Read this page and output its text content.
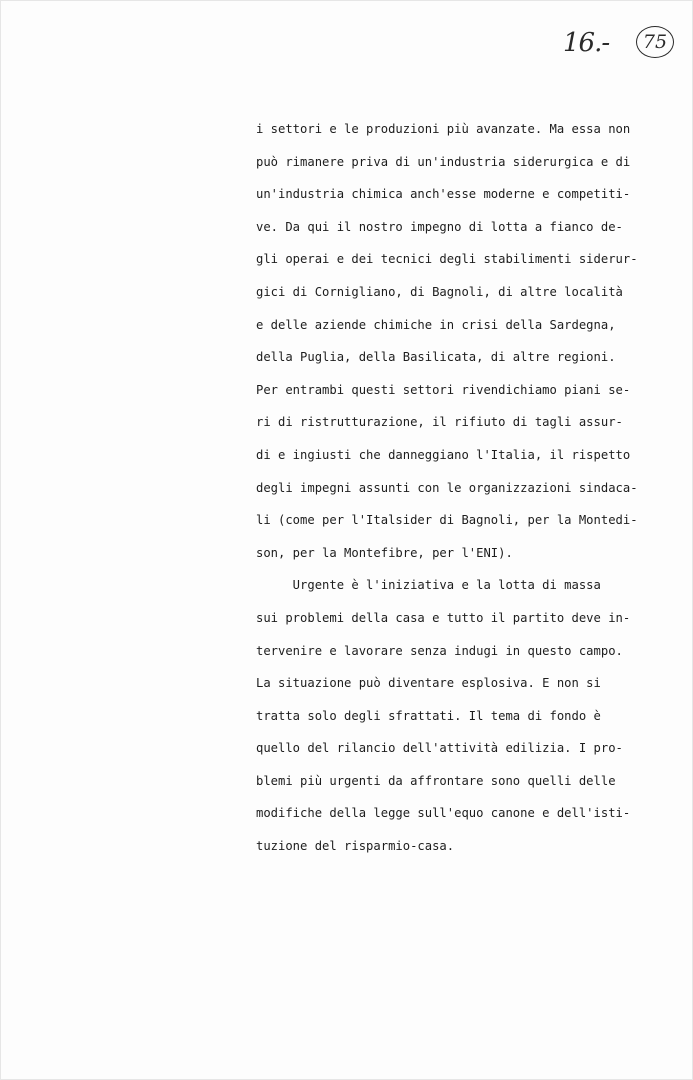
16.-	75
i settori e le produzioni più avanzate. Ma essa non
può rimanere priva di un'industria siderurgica e di
un'industria chimica anch'esse moderne e competiti-
ve. Da qui il nostro impegno di lotta a fianco de-
gli operai e dei tecnici degli stabilimenti siderur-
gici di Cornigliano, di Bagnoli, di altre località
e delle aziende chimiche in crisi della Sardegna,
della Puglia, della Basilicata, di altre regioni.
Per entrambi questi settori rivendichiamo piani se-
ri di ristrutturazione, il rifiuto di tagli assur-
di e ingiusti che danneggiano l'Italia, il rispetto
degli impegni assunti con le organizzazioni sindaca-
li (come per l'Italsider di Bagnoli, per la Montedi-
son, per la Montefibre, per l'ENI).
Urgente è l'iniziativa e la lotta di massa
sui problemi della casa e tutto il partito deve in-
tervenire e lavorare senza indugi in questo campo.
La situazione può diventare esplosiva. E non si
tratta solo degli sfrattati. Il tema di fondo è
quello del rilancio dell'attività edilizia. I pro-
blemi più urgenti da affrontare sono quelli delle
modifiche della legge sull'equo canone e dell'isti-
tuzione del risparmio-casa.
